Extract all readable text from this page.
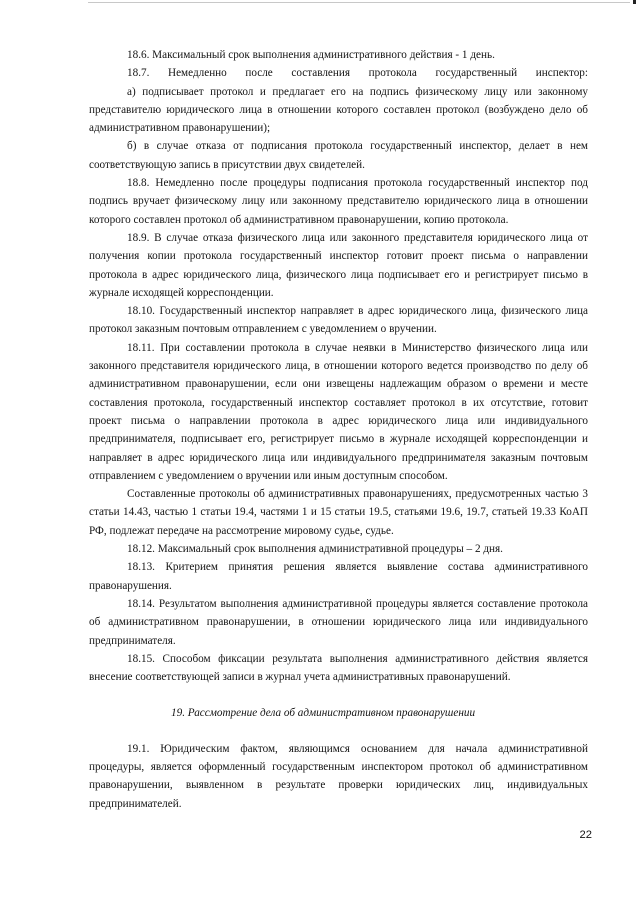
18.6. Максимальный срок выполнения административного действия - 1 день.

18.7. Немедленно после составления протокола государственный инспектор:

а) подписывает протокол и предлагает его на подпись физическому лицу или законному представителю юридического лица в отношении которого составлен протокол (возбуждено дело об административном правонарушении);

б) в случае отказа от подписания протокола государственный инспектор, делает в нем соответствующую запись в присутствии двух свидетелей.

18.8. Немедленно после процедуры подписания протокола государственный инспектор под подпись вручает физическому лицу или законному представителю юридического лица в отношении которого составлен протокол об административном правонарушении, копию протокола.

18.9. В случае отказа физического лица или законного представителя юридического лица от получения копии протокола государственный инспектор готовит проект письма о направлении протокола в адрес юридического лица, физического лица подписывает его и регистрирует письмо в журнале исходящей корреспонденции.

18.10. Государственный инспектор направляет в адрес юридического лица, физического лица протокол заказным почтовым отправлением с уведомлением о вручении.

18.11. При составлении протокола в случае неявки в Министерство физического лица или законного представителя юридического лица, в отношении которого ведется производство по делу об административном правонарушении, если они извещены надлежащим образом о времени и месте составления протокола, государственный инспектор составляет протокол в их отсутствие, готовит проект письма о направлении протокола в адрес юридического лица или индивидуального предпринимателя, подписывает его, регистрирует письмо в журнале исходящей корреспонденции и направляет в адрес юридического лица или индивидуального предпринимателя заказным почтовым отправлением с уведомлением о вручении или иным доступным способом.

Составленные протоколы об административных правонарушениях, предусмотренных частью 3 статьи 14.43, частью 1 статьи 19.4, частями 1 и 15 статьи 19.5, статьями 19.6, 19.7, статьей 19.33 КоАП РФ, подлежат передаче на рассмотрение мировому судье, судье.

18.12. Максимальный срок выполнения административной процедуры – 2 дня.

18.13. Критерием принятия решения является выявление состава административного правонарушения.

18.14. Результатом выполнения административной процедуры является составление протокола об административном правонарушении, в отношении юридического лица или индивидуального предпринимателя.

18.15. Способом фиксации результата выполнения административного действия является внесение соответствующей записи в журнал учета административных правонарушений.

19. Рассмотрение дела об административном правонарушении

19.1. Юридическим фактом, являющимся основанием для начала административной процедуры, является оформленный государственным инспектором протокол об административном правонарушении, выявленном в результате проверки юридических лиц, индивидуальных предпринимателей.

22
